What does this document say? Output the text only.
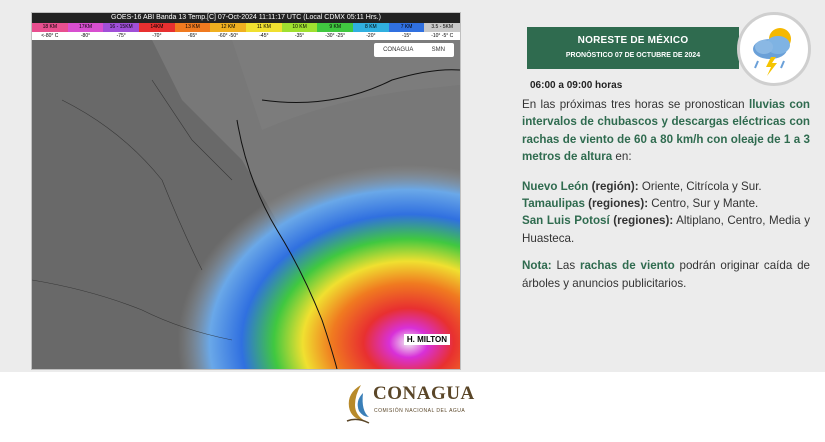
GOES-16 ABI Banda 13 Temp.[C] 07-Oct-2024 11:11:17 UTC (Local CDMX 05:11 Hrs.)
18 KM	17KM	16 - 15KM	14KM	13 KM	12 KM	11 KM	10 KM	9 KM	8 KM	7 KM	3.5 - 5KM
<-80° C	-80°	-75°	-70°	-65°	-60° -50°	-45°	-35°	-30° -25°	-20°	-15°	-10° -5° C
CONAGUA	SMN
H. MILTON
NORESTE DE MÉXICO
PRONÓSTICO 07 DE OCTUBRE DE 2024
06:00 a 09:00 horas

En las próximas tres horas se pronostican lluvias con intervalos de chubascos y descargas eléctricas con rachas de viento de 60 a 80 km/h con oleaje de 1 a 3 metros de altura en:

Nuevo León (región): Oriente, Citrícola y Sur.
Tamaulipas (regiones): Centro, Sur y Mante.
San Luis Potosí (regiones): Altiplano, Centro, Media y Huasteca.
Nota: Las rachas de viento podrán originar caída de árboles y anuncios publicitarios.
CONAGUA
COMISIÓN NACIONAL DEL AGUA
